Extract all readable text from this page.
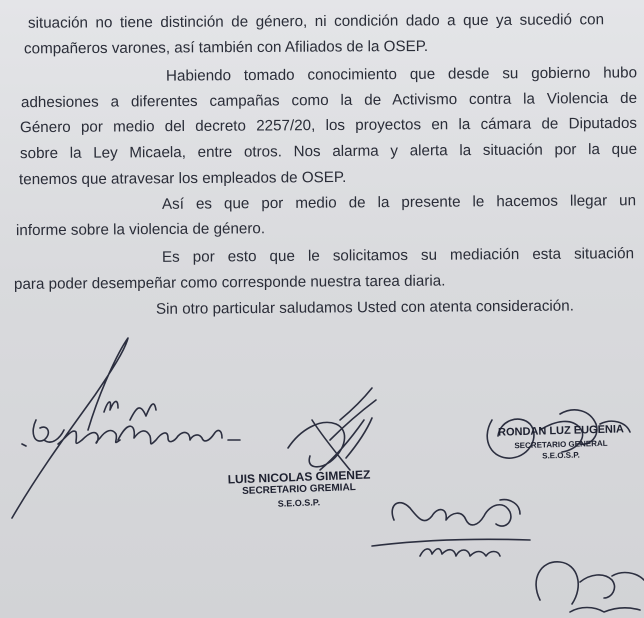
situación no tiene distinción de género, ni condición dado a que ya sucedió con
compañeros varones, así también con Afiliados de la OSEP.
Habiendo tomado conocimiento que desde su gobierno hubo
adhesiones a diferentes campañas como la de Activismo contra la Violencia de
Género por medio del decreto 2257/20, los proyectos en la cámara de Diputados
sobre la Ley Micaela, entre otros. Nos alarma y alerta la situación por la que
tenemos que atravesar los empleados de OSEP.
Así es que por medio de la presente le hacemos llegar un
informe sobre la violencia de género.
Es por esto que le solicitamos su mediación esta situación
para poder desempeñar como corresponde nuestra tarea diaria.
Sin otro particular saludamos Usted con atenta consideración.
LUIS NICOLAS GIMENEZ
SECRETARIO GREMIAL
S.E.O.S.P.
RONDAN LUZ EUGENIA
SECRETARIO GENERAL
S.E.O.S.P.
